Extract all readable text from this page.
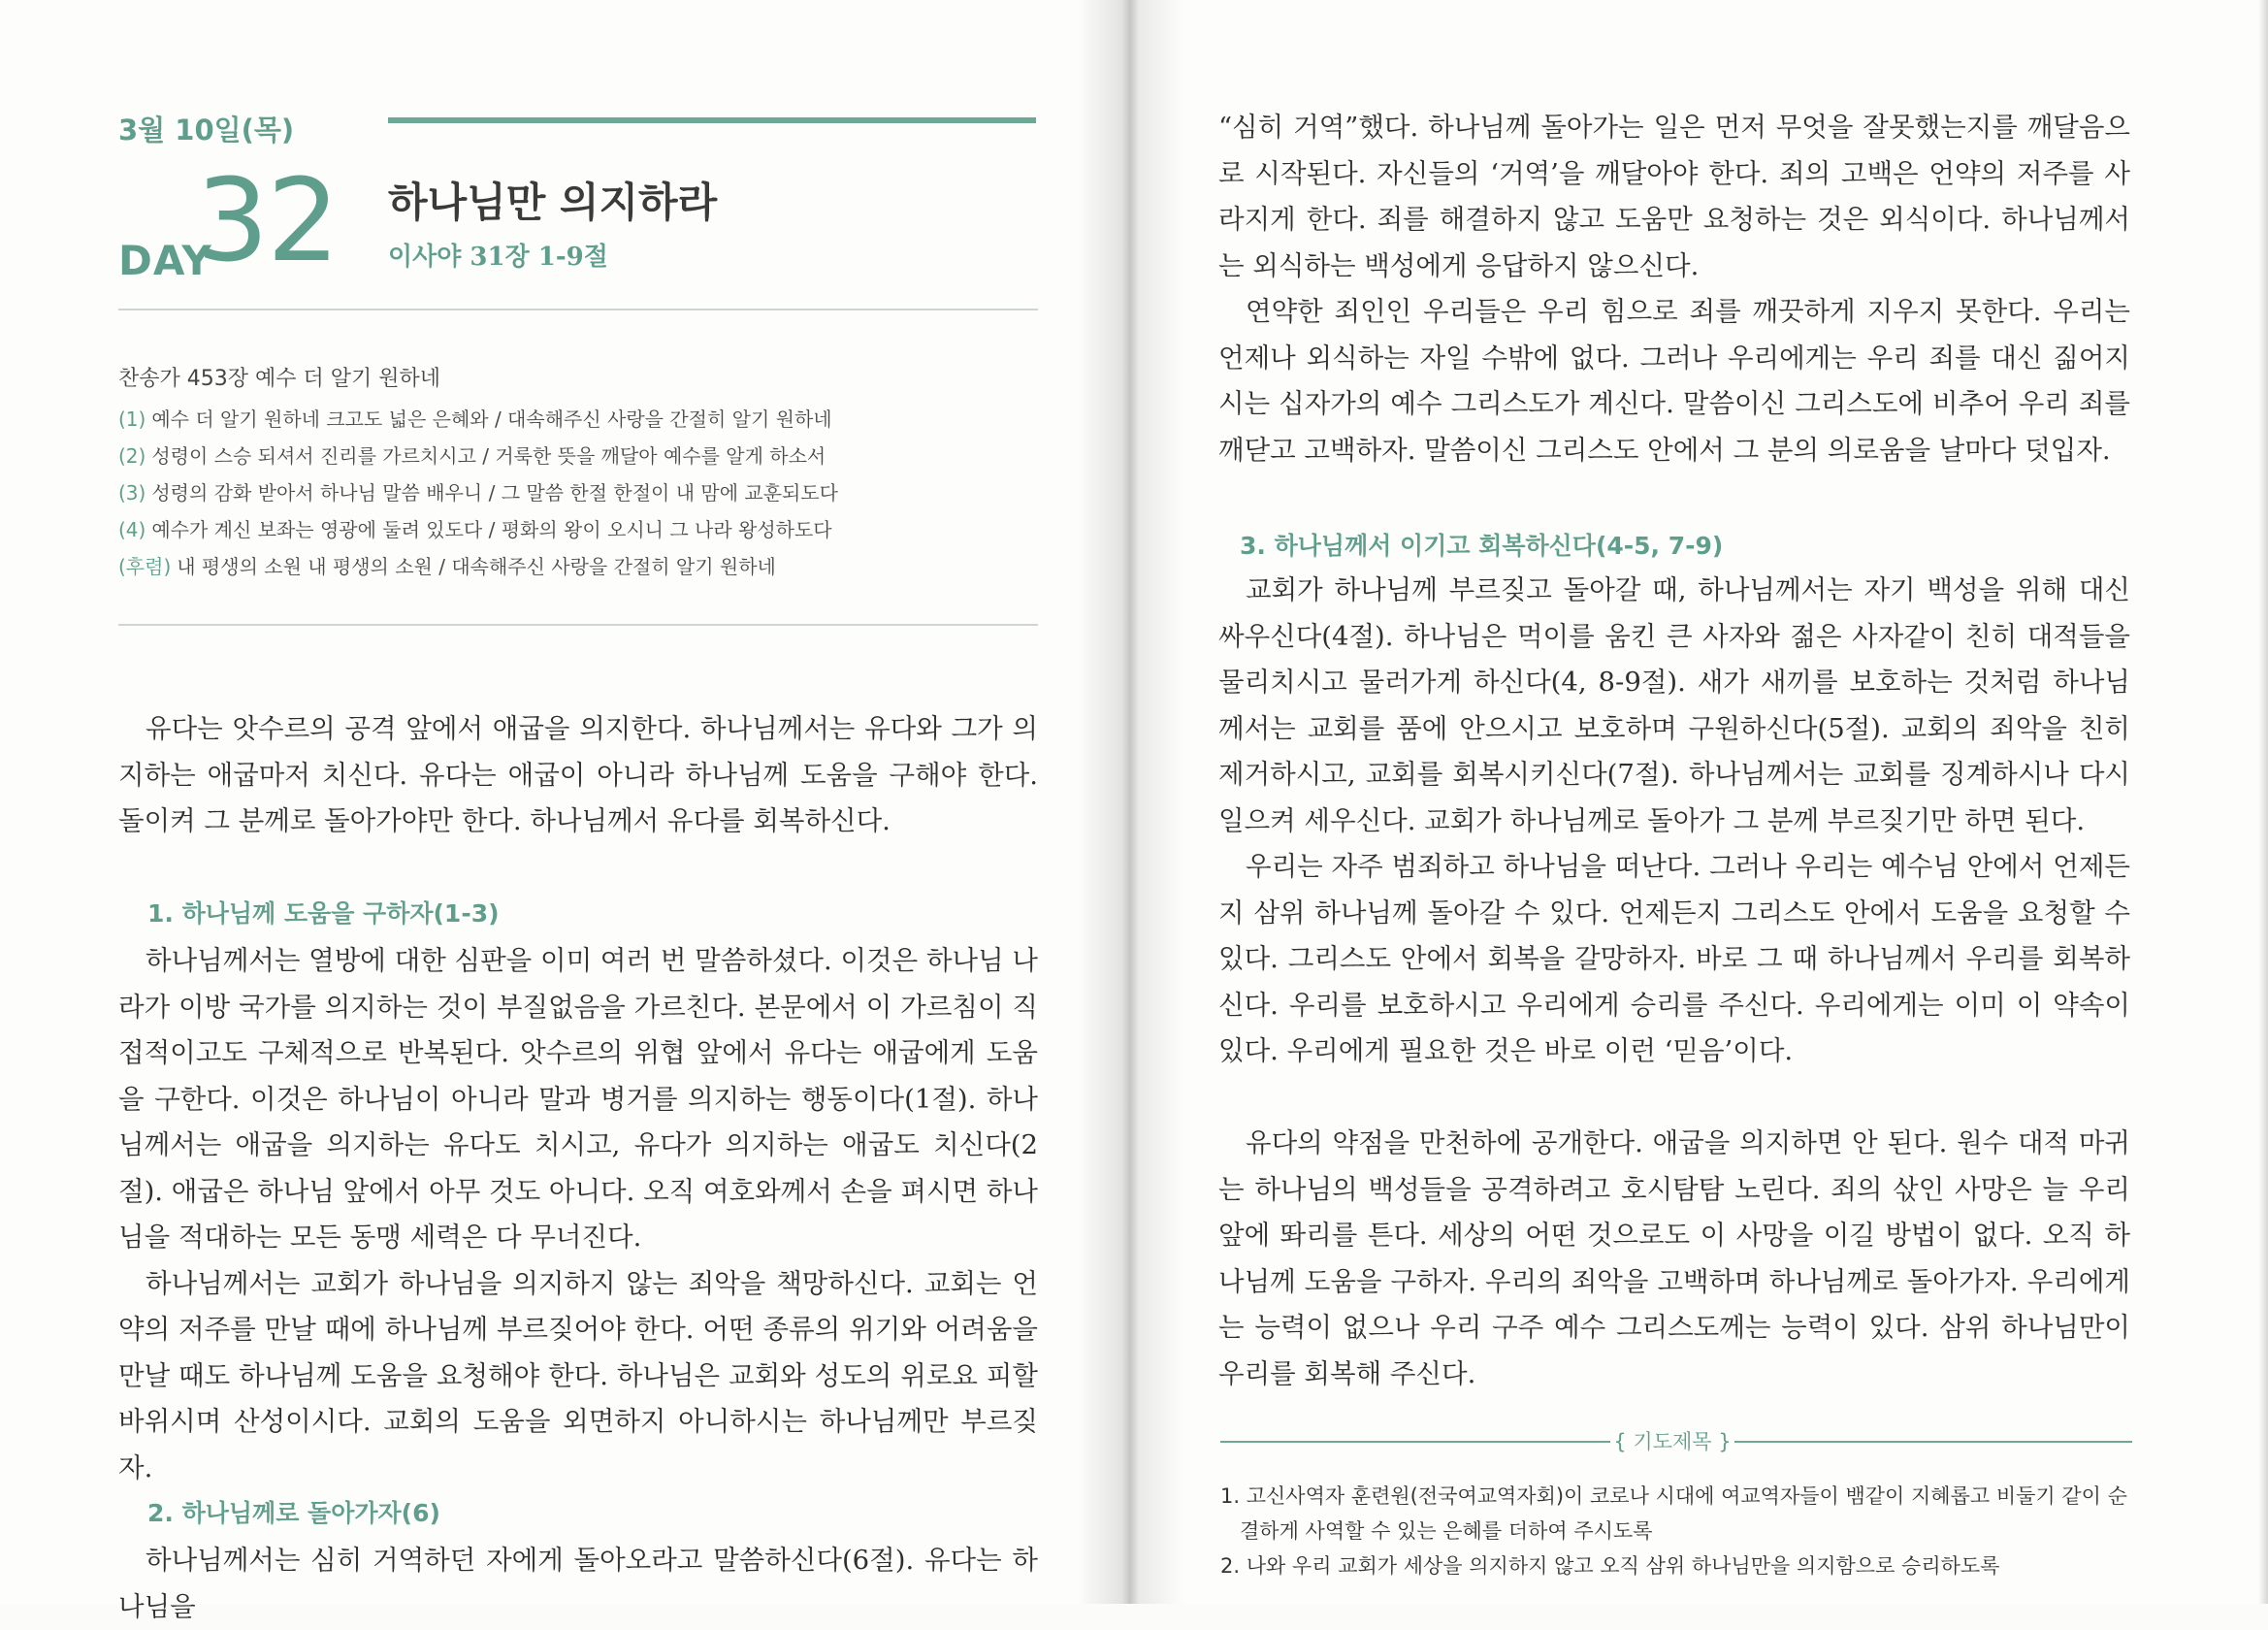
3월 10일(목)
DAY
32 하나님만 의지하라
이사야 31장 1-9절
찬송가 453장 예수 더 알기 원하네
(1) 예수 더 알기 원하네 크고도 넓은 은혜와 / 대속해주신 사랑을 간절히 알기 원하네
(2) 성령이 스승 되셔서 진리를 가르치시고 / 거룩한 뜻을 깨달아 예수를 알게 하소서
(3) 성령의 감화 받아서 하나님 말씀 배우니 / 그 말씀 한절 한절이 내 맘에 교훈되도다
(4) 예수가 계신 보좌는 영광에 둘려 있도다 / 평화의 왕이 오시니 그 나라 왕성하도다
(후렴) 내 평생의 소원 내 평생의 소원 / 대속해주신 사랑을 간절히 알기 원하네

유다는 앗수르의 공격 앞에서 애굽을 의지한다. 하나님께서는 유다와 그가 의지하는 애굽마저 치신다. 유다는 애굽이 아니라 하나님께 도움을 구해야 한다. 돌이켜 그 분께로 돌아가야만 한다. 하나님께서 유다를 회복하신다.

1. 하나님께 도움을 구하자(1-3)

하나님께서는 열방에 대한 심판을 이미 여러 번 말씀하셨다. 이것은 하나님 나라가 이방 국가를 의지하는 것이 부질없음을 가르친다. 본문에서 이 가르침이 직접적이고도 구체적으로 반복된다. 앗수르의 위협 앞에서 유다는 애굽에게 도움을 구한다. 이것은 하나님이 아니라 말과 병거를 의지하는 행동이다(1절). 하나님께서는 애굽을 의지하는 유다도 치시고, 유다가 의지하는 애굽도 치신다(2절). 애굽은 하나님 앞에서 아무 것도 아니다. 오직 여호와께서 손을 펴시면 하나님을 적대하는 모든 동맹 세력은 다 무너진다.

하나님께서는 교회가 하나님을 의지하지 않는 죄악을 책망하신다. 교회는 언약의 저주를 만날 때에 하나님께 부르짖어야 한다. 어떤 종류의 위기와 어려움을 만날 때도 하나님께 도움을 요청해야 한다. 하나님은 교회와 성도의 위로요 피할 바위시며 산성이시다. 교회의 도움을 외면하지 아니하시는 하나님께만 부르짖자.

2. 하나님께로 돌아가자(6)

하나님께서는 심히 거역하던 자에게 돌아오라고 말씀하신다(6절). 유다는 하나님을

“심히 거역”했다. 하나님께 돌아가는 일은 먼저 무엇을 잘못했는지를 깨달음으로 시작된다. 자신들의 ‘거역’을 깨달아야 한다. 죄의 고백은 언약의 저주를 사라지게 한다. 죄를 해결하지 않고 도움만 요청하는 것은 외식이다. 하나님께서는 외식하는 백성에게 응답하지 않으신다.

연약한 죄인인 우리들은 우리 힘으로 죄를 깨끗하게 지우지 못한다. 우리는 언제나 외식하는 자일 수밖에 없다. 그러나 우리에게는 우리 죄를 대신 짊어지시는 십자가의 예수 그리스도가 계신다. 말씀이신 그리스도에 비추어 우리 죄를 깨닫고 고백하자. 말씀이신 그리스도 안에서 그 분의 의로움을 날마다 덧입자.

3. 하나님께서 이기고 회복하신다(4-5, 7-9)

교회가 하나님께 부르짖고 돌아갈 때, 하나님께서는 자기 백성을 위해 대신 싸우신다(4절). 하나님은 먹이를 움킨 큰 사자와 젊은 사자같이 친히 대적들을 물리치시고 물러가게 하신다(4, 8-9절). 새가 새끼를 보호하는 것처럼 하나님께서는 교회를 품에 안으시고 보호하며 구원하신다(5절). 교회의 죄악을 친히 제거하시고, 교회를 회복시키신다(7절). 하나님께서는 교회를 징계하시나 다시 일으켜 세우신다. 교회가 하나님께로 돌아가 그 분께 부르짖기만 하면 된다.

우리는 자주 범죄하고 하나님을 떠난다. 그러나 우리는 예수님 안에서 언제든지 삼위 하나님께 돌아갈 수 있다. 언제든지 그리스도 안에서 도움을 요청할 수 있다. 그리스도 안에서 회복을 갈망하자. 바로 그 때 하나님께서 우리를 회복하신다. 우리를 보호하시고 우리에게 승리를 주신다. 우리에게는 이미 이 약속이 있다. 우리에게 필요한 것은 바로 이런 ‘믿음’이다.

유다의 약점을 만천하에 공개한다. 애굽을 의지하면 안 된다. 원수 대적 마귀는 하나님의 백성들을 공격하려고 호시탐탐 노린다. 죄의 삯인 사망은 늘 우리 앞에 똬리를 튼다. 세상의 어떤 것으로도 이 사망을 이길 방법이 없다. 오직 하나님께 도움을 구하자. 우리의 죄악을 고백하며 하나님께로 돌아가자. 우리에게는 능력이 없으나 우리 구주 예수 그리스도께는 능력이 있다. 삼위 하나님만이 우리를 회복해 주신다.

{ 기도제목 }
1. 고신사역자 훈련원(전국여교역자회)이 코로나 시대에 여교역자들이 뱀같이 지혜롭고 비둘기 같이 순결하게 사역할 수 있는 은혜를 더하여 주시도록
2. 나와 우리 교회가 세상을 의지하지 않고 오직 삼위 하나님만을 의지함으로 승리하도록
